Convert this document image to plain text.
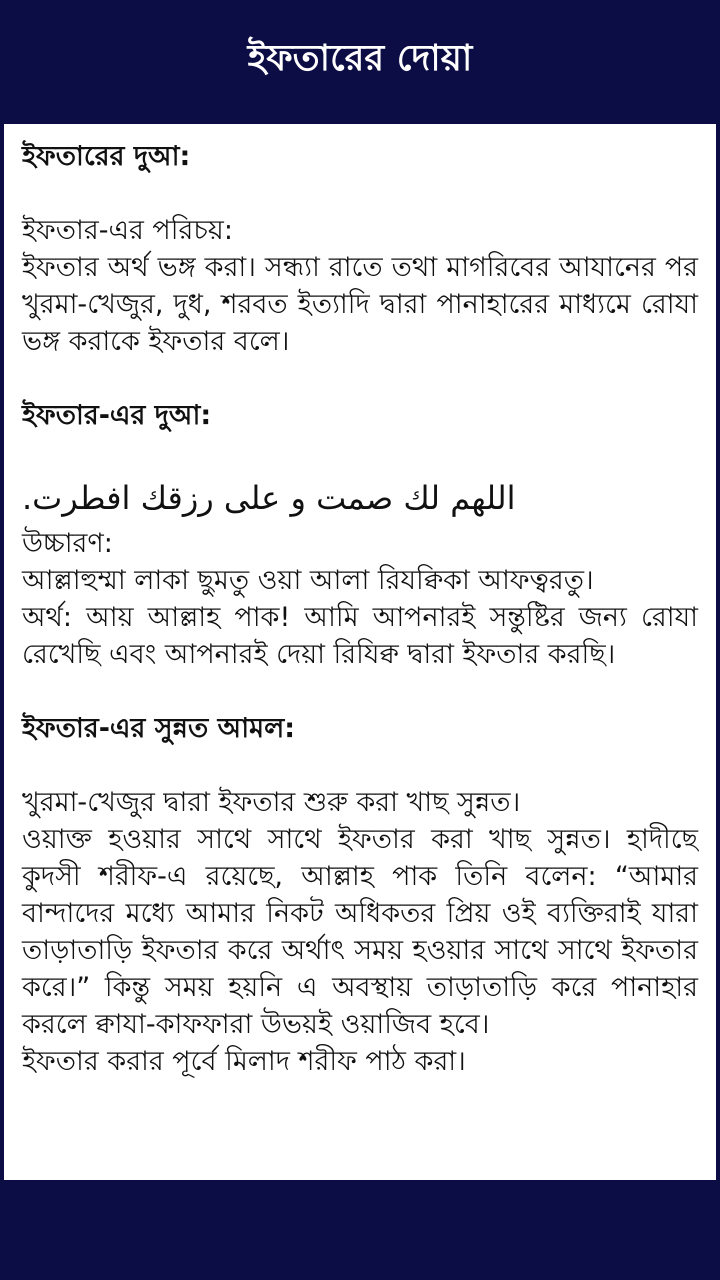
ইফতারের দোয়া

ইফতারের দুআ:

ইফতার-এর পরিচয়:

ইফতার অর্থ ভঙ্গ করা। সন্ধ্যা রাতে তথা মাগরিবের আযানের পর খুরমা-খেজুর, দুধ, শরবত ইত্যাদি দ্বারা পানাহারের মাধ্যমে রোযা ভঙ্গ করাকে ইফতার বলে।

ইফতার-এর দুআ:

اللهم لك صمت و على رزقك افطرت.

উচ্চারণ:

আল্লাহুম্মা লাকা ছুমতু ওয়া আলা রিযক্বিকা আফত্বরতু।

অর্থ: আয় আল্লাহ পাক! আমি আপনারই সন্তুষ্টির জন্য রোযা রেখেছি এবং আপনারই দেয়া রিযিক্ব দ্বারা ইফতার করছি।

ইফতার-এর সুন্নত আমল:

খুরমা-খেজুর দ্বারা ইফতার শুরু করা খাছ সুন্নত।

ওয়াক্ত হওয়ার সাথে সাথে ইফতার করা খাছ সুন্নত। হাদীছে কুদসী শরীফ-এ রয়েছে, আল্লাহ পাক তিনি বলেন: “আমার বান্দাদের মধ্যে আমার নিকট অধিকতর প্রিয় ওই ব্যক্তিরাই যারা তাড়াতাড়ি ইফতার করে অর্থাৎ সময় হওয়ার সাথে সাথে ইফতার করে।” কিন্তু সময় হয়নি এ অবস্থায় তাড়াতাড়ি করে পানাহার করলে ক্বাযা-কাফফারা উভয়ই ওয়াজিব হবে।

ইফতার করার পূর্বে মিলাদ শরীফ পাঠ করা।
